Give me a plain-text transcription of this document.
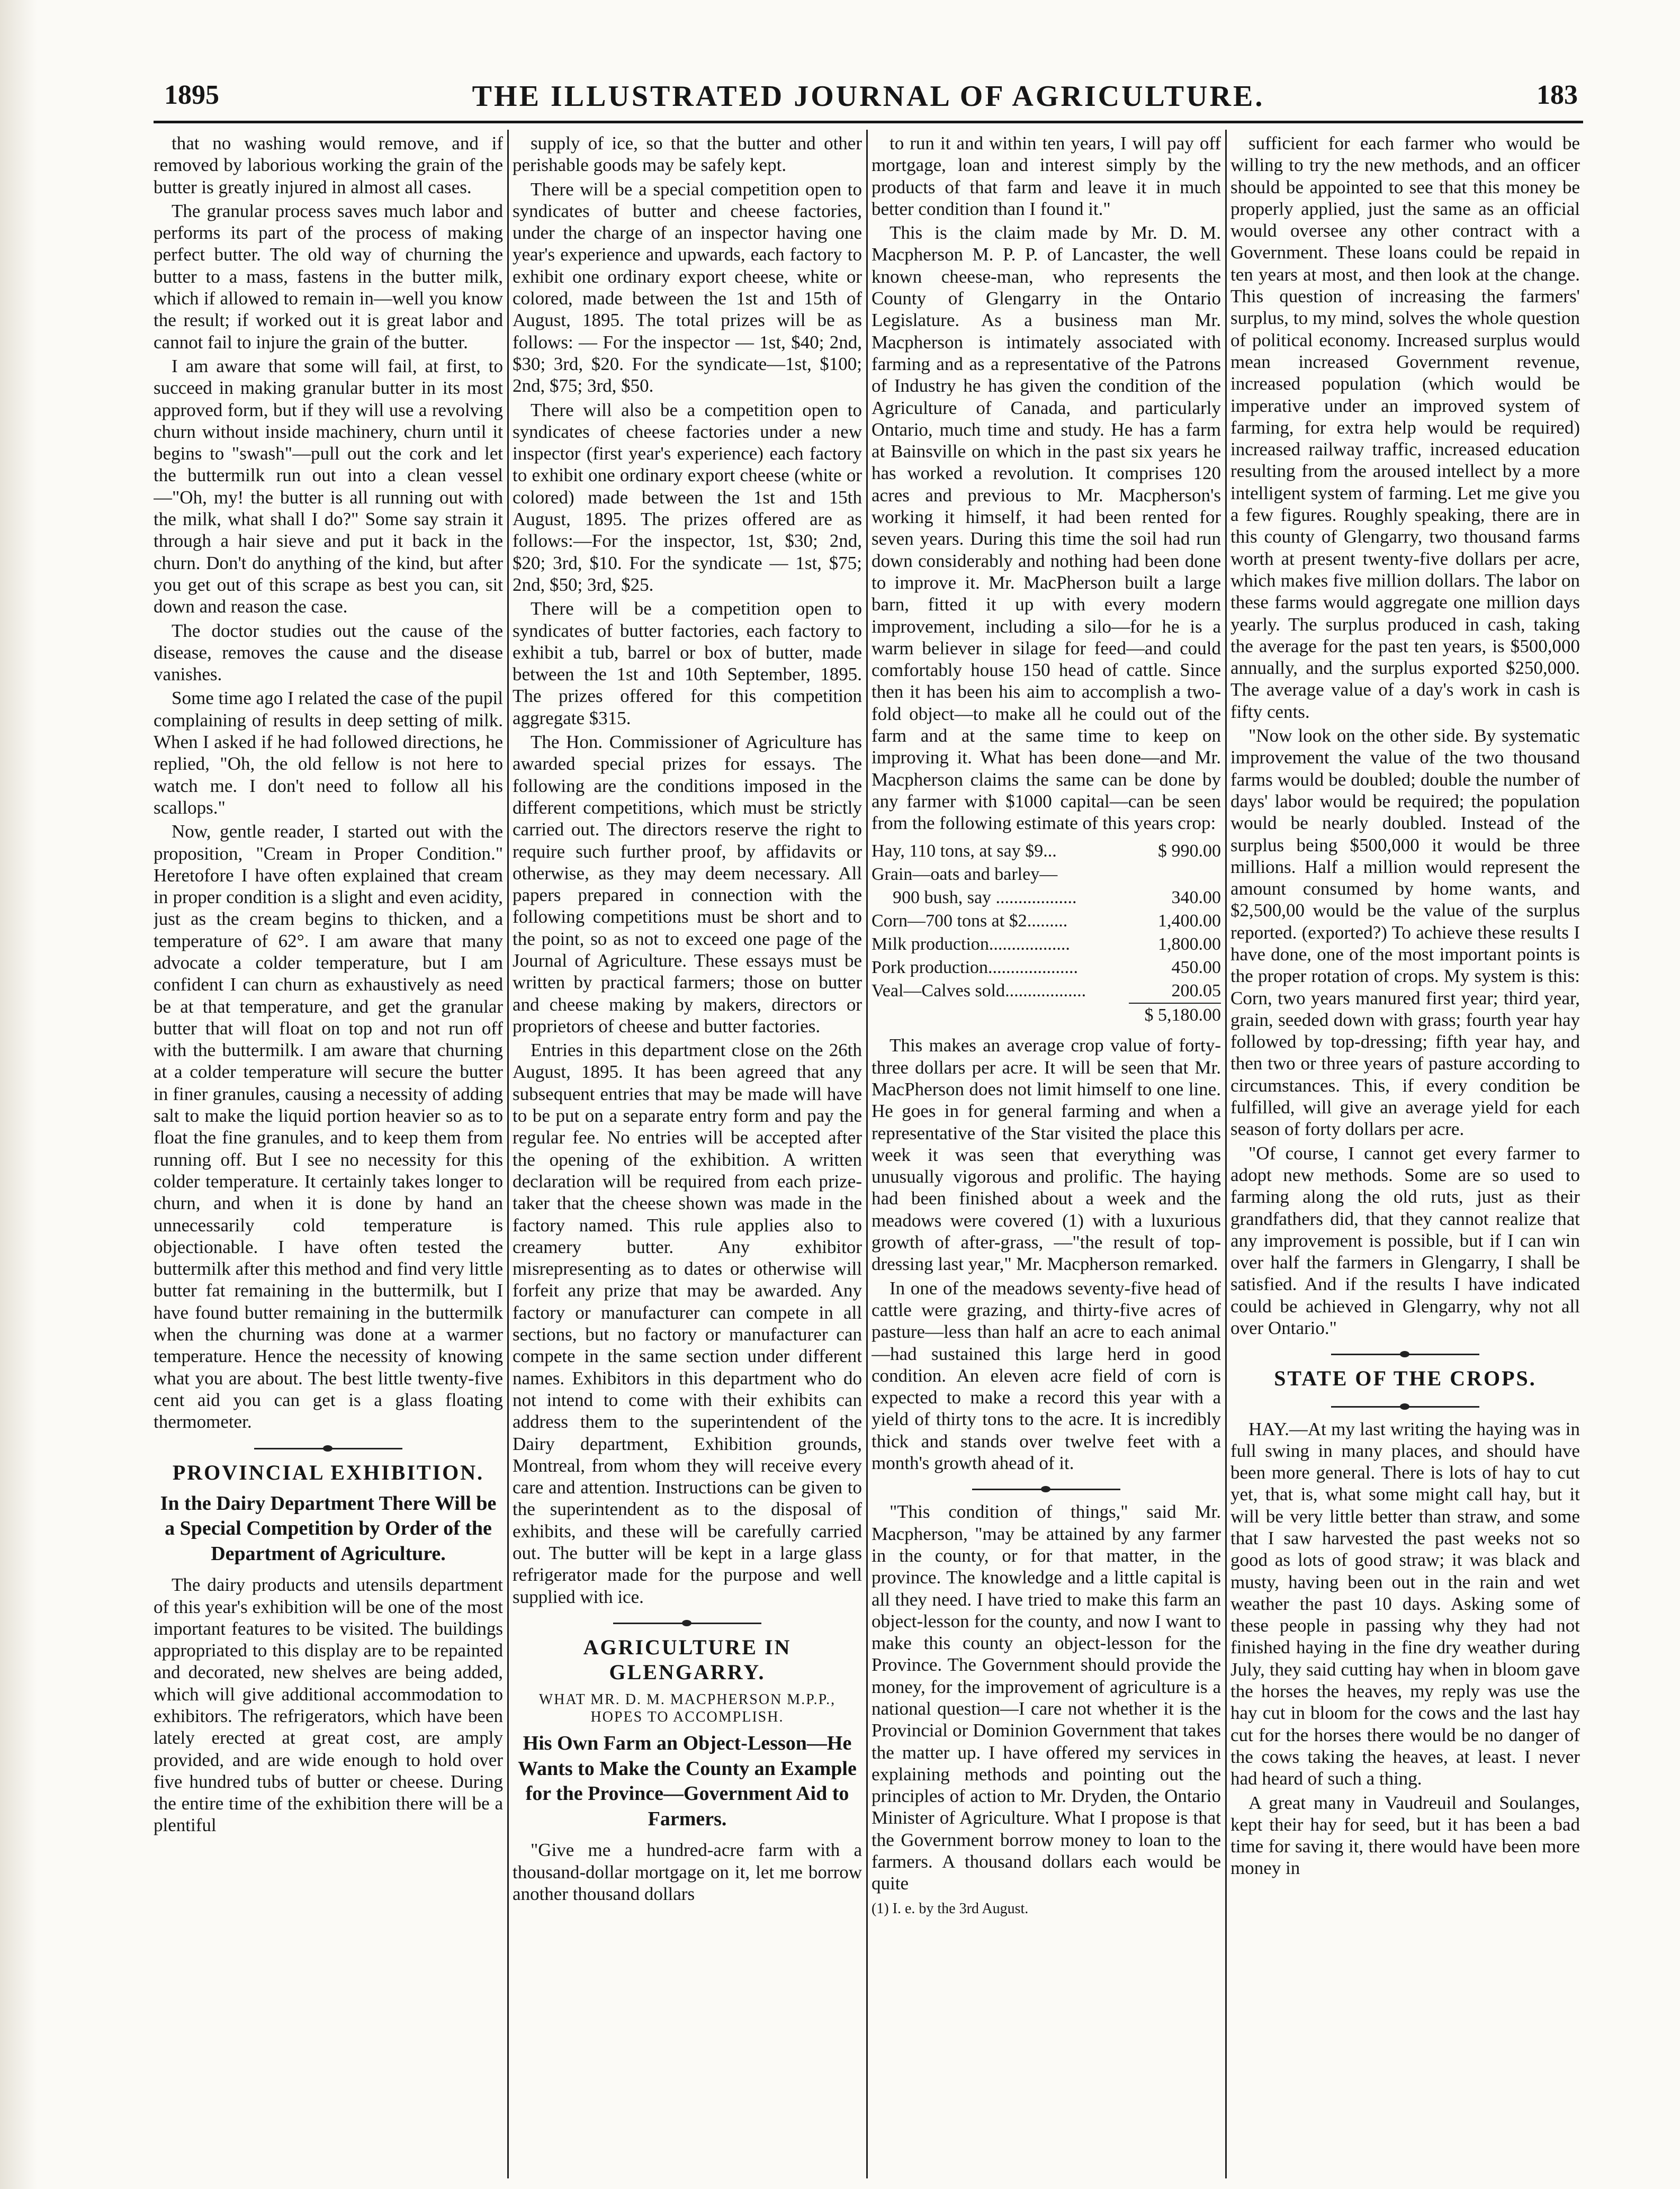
THE ILLUSTRATED JOURNAL OF AGRICULTURE.
1895	183

that no washing would remove, and if removed by laborious working the grain of the butter is greatly injured in almost all cases.

The granular process saves much labor and performs its part of the process of making perfect butter. The old way of churning the butter to a mass, fastens in the butter milk, which if allowed to remain in—well you know the result; if worked out it is great labor and cannot fail to injure the grain of the butter.

I am aware that some will fail, at first, to succeed in making granular butter in its most approved form, but if they will use a revolving churn without inside machinery, churn until it begins to "swash"—pull out the cork and let the buttermilk run out into a clean vessel—"Oh, my! the butter is all running out with the milk, what shall I do?" Some say strain it through a hair sieve and put it back in the churn. Don't do anything of the kind, but after you get out of this scrape as best you can, sit down and reason the case.

The doctor studies out the cause of the disease, removes the cause and the disease vanishes.

Some time ago I related the case of the pupil complaining of results in deep setting of milk. When I asked if he had followed directions, he replied, "Oh, the old fellow is not here to watch me. I don't need to follow all his scallops."

Now, gentle reader, I started out with the proposition, "Cream in Proper Condition." Heretofore I have often explained that cream in proper condition is a slight and even acidity, just as the cream begins to thicken, and a temperature of 62°. I am aware that many advocate a colder temperature, but I am confident I can churn as exhaustively as need be at that temperature, and get the granular butter that will float on top and not run off with the buttermilk. I am aware that churning at a colder temperature will secure the butter in finer granules, causing a necessity of adding salt to make the liquid portion heavier so as to float the fine granules, and to keep them from running off. But I see no necessity for this colder temperature. It certainly takes longer to churn, and when it is done by hand an unnecessarily cold temperature is objectionable. I have often tested the buttermilk after this method and find very little butter fat remaining in the buttermilk, but I have found butter remaining in the buttermilk when the churning was done at a warmer temperature. Hence the necessity of knowing what you are about. The best little twenty-five cent aid you can get is a glass floating thermometer.

PROVINCIAL EXHIBITION.
In the Dairy Department There Will be a Special Competition by Order of the Department of Agriculture.

The dairy products and utensils department of this year's exhibition will be one of the most important features to be visited. The buildings appropriated to this display are to be repainted and decorated, new shelves are being added, which will give additional accommodation to exhibitors. The refrigerators, which have been lately erected at great cost, are amply provided, and are wide enough to hold over five hundred tubs of butter or cheese. During the entire time of the exhibition there will be a plentiful

supply of ice, so that the butter and other perishable goods may be safely kept.

There will be a special competition open to syndicates of butter and cheese factories, under the charge of an inspector having one year's experience and upwards, each factory to exhibit one ordinary export cheese, white or colored, made between the 1st and 15th of August, 1895. The total prizes will be as follows: — For the inspector — 1st, $40; 2nd, $30; 3rd, $20. For the syndicate—1st, $100; 2nd, $75; 3rd, $50.

There will also be a competition open to syndicates of cheese factories under a new inspector (first year's experience) each factory to exhibit one ordinary export cheese (white or colored) made between the 1st and 15th August, 1895. The prizes offered are as follows:—For the inspector, 1st, $30; 2nd, $20; 3rd, $10. For the syndicate — 1st, $75; 2nd, $50; 3rd, $25.

There will be a competition open to syndicates of butter factories, each factory to exhibit a tub, barrel or box of butter, made between the 1st and 10th September, 1895. The prizes offered for this competition aggregate $315.

The Hon. Commissioner of Agriculture has awarded special prizes for essays. The following are the conditions imposed in the different competitions, which must be strictly carried out. The directors reserve the right to require such further proof, by affidavits or otherwise, as they may deem necessary. All papers prepared in connection with the following competitions must be short and to the point, so as not to exceed one page of the Journal of Agriculture. These essays must be written by practical farmers; those on butter and cheese making by makers, directors or proprietors of cheese and butter factories.

Entries in this department close on the 26th August, 1895. It has been agreed that any subsequent entries that may be made will have to be put on a separate entry form and pay the regular fee. No entries will be accepted after the opening of the exhibition. A written declaration will be required from each prize-taker that the cheese shown was made in the factory named. This rule applies also to creamery butter. Any exhibitor misrepresenting as to dates or otherwise will forfeit any prize that may be awarded. Any factory or manufacturer can compete in all sections, but no factory or manufacturer can compete in the same section under different names. Exhibitors in this department who do not intend to come with their exhibits can address them to the superintendent of the Dairy department, Exhibition grounds, Montreal, from whom they will receive every care and attention. Instructions can be given to the superintendent as to the disposal of exhibits, and these will be carefully carried out. The butter will be kept in a large glass refrigerator made for the purpose and well supplied with ice.

AGRICULTURE IN GLENGARRY.
WHAT MR. D. M. MACPHERSON M.P.P., HOPES TO ACCOMPLISH.
His Own Farm an Object-Lesson—He Wants to Make the County an Example for the Province—Government Aid to Farmers.

"Give me a hundred-acre farm with a thousand-dollar mortgage on it, let me borrow another thousand dollars

to run it and within ten years, I will pay off mortgage, loan and interest simply by the products of that farm and leave it in much better condition than I found it."

This is the claim made by Mr. D. M. Macpherson M. P. P. of Lancaster, the well known cheese-man, who represents the County of Glengarry in the Ontario Legislature. As a business man Mr. Macpherson is intimately associated with farming and as a representative of the Patrons of Industry he has given the condition of the Agriculture of Canada, and particularly Ontario, much time and study. He has a farm at Bainsville on which in the past six years he has worked a revolution. It comprises 120 acres and previous to Mr. Macpherson's working it himself, it had been rented for seven years. During this time the soil had run down considerably and nothing had been done to improve it. Mr. MacPherson built a large barn, fitted it up with every modern improvement, including a silo—for he is a warm believer in silage for feed—and could comfortably house 150 head of cattle. Since then it has been his aim to accomplish a two-fold object—to make all he could out of the farm and at the same time to keep on improving it. What has been done—and Mr. Macpherson claims the same can be done by any farmer with $1000 capital—can be seen from the following estimate of this years crop:

Hay, 110 tons, at say $9...	$ 990.00
Grain—oats and barley—	
900 bush, say ..................	340.00
Corn—700 tons at $2.........	1,400.00
Milk production..................	1,800.00
Pork production....................	450.00
Veal—Calves sold..................	200.05
	$ 5,180.00

This makes an average crop value of forty-three dollars per acre. It will be seen that Mr. MacPherson does not limit himself to one line. He goes in for general farming and when a representative of the Star visited the place this week it was seen that everything was unusually vigorous and prolific. The haying had been finished about a week and the meadows were covered (1) with a luxurious growth of after-grass, —"the result of top-dressing last year," Mr. Macpherson remarked.

In one of the meadows seventy-five head of cattle were grazing, and thirty-five acres of pasture—less than half an acre to each animal—had sustained this large herd in good condition. An eleven acre field of corn is expected to make a record this year with a yield of thirty tons to the acre. It is incredibly thick and stands over twelve feet with a month's growth ahead of it.

"This condition of things," said Mr. Macpherson, "may be attained by any farmer in the county, or for that matter, in the province. The knowledge and a little capital is all they need. I have tried to make this farm an object-lesson for the county, and now I want to make this county an object-lesson for the Province. The Government should provide the money, for the improvement of agriculture is a national question—I care not whether it is the Provincial or Dominion Government that takes the matter up. I have offered my services in explaining methods and pointing out the principles of action to Mr. Dryden, the Ontario Minister of Agriculture. What I propose is that the Government borrow money to loan to the farmers. A thousand dollars each would be quite

(1) I. e. by the 3rd August.

sufficient for each farmer who would be willing to try the new methods, and an officer should be appointed to see that this money be properly applied, just the same as an official would oversee any other contract with a Government. These loans could be repaid in ten years at most, and then look at the change. This question of increasing the farmers' surplus, to my mind, solves the whole question of political economy. Increased surplus would mean increased Government revenue, increased population (which would be imperative under an improved system of farming, for extra help would be required) increased railway traffic, increased education resulting from the aroused intellect by a more intelligent system of farming. Let me give you a few figures. Roughly speaking, there are in this county of Glengarry, two thousand farms worth at present twenty-five dollars per acre, which makes five million dollars. The labor on these farms would aggregate one million days yearly. The surplus produced in cash, taking the average for the past ten years, is $500,000 annually, and the surplus exported $250,000. The average value of a day's work in cash is fifty cents.

"Now look on the other side. By systematic improvement the value of the two thousand farms would be doubled; double the number of days' labor would be required; the population would be nearly doubled. Instead of the surplus being $500,000 it would be three millions. Half a million would represent the amount consumed by home wants, and $2,500,00 would be the value of the surplus reported. (exported?) To achieve these results I have done, one of the most important points is the proper rotation of crops. My system is this: Corn, two years manured first year; third year, grain, seeded down with grass; fourth year hay followed by top-dressing; fifth year hay, and then two or three years of pasture according to circumstances. This, if every condition be fulfilled, will give an average yield for each season of forty dollars per acre.

"Of course, I cannot get every farmer to adopt new methods. Some are so used to farming along the old ruts, just as their grandfathers did, that they cannot realize that any improvement is possible, but if I can win over half the farmers in Glengarry, I shall be satisfied. And if the results I have indicated could be achieved in Glengarry, why not all over Ontario."

STATE OF THE CROPS.

HAY.—At my last writing the haying was in full swing in many places, and should have been more general. There is lots of hay to cut yet, that is, what some might call hay, but it will be very little better than straw, and some that I saw harvested the past weeks not so good as lots of good straw; it was black and musty, having been out in the rain and wet weather the past 10 days. Asking some of these people in passing why they had not finished haying in the fine dry weather during July, they said cutting hay when in bloom gave the horses the heaves, my reply was use the hay cut in bloom for the cows and the last hay cut for the horses there would be no danger of the cows taking the heaves, at least. I never had heard of such a thing.

A great many in Vaudreuil and Soulanges, kept their hay for seed, but it has been a bad time for saving it, there would have been more money in
